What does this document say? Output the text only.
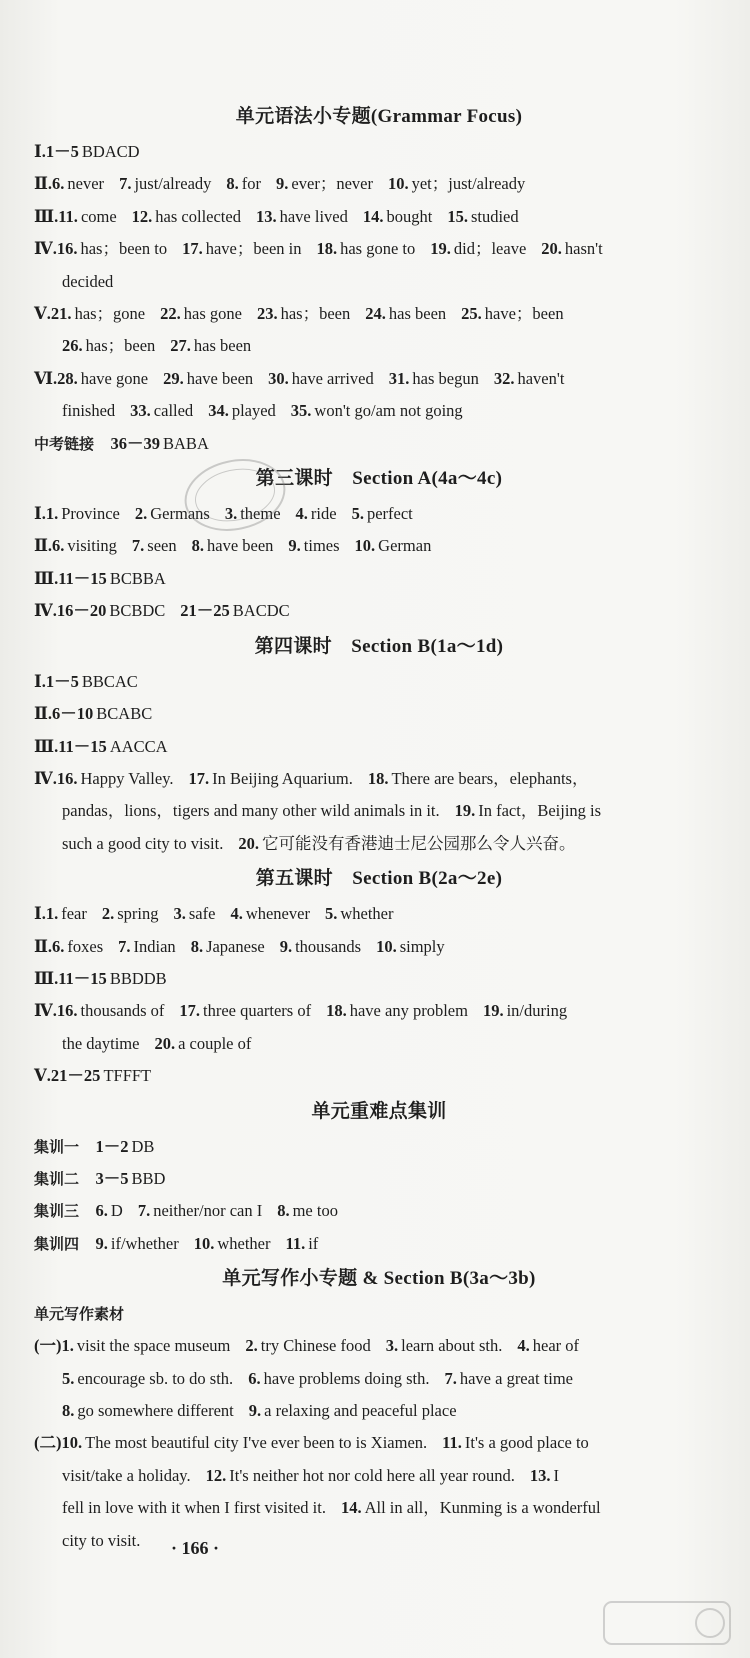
单元语法小专题(Grammar Focus)
Ⅰ.1－5 BDACD
Ⅱ.6. never 7. just/already 8. for 9. ever；never 10. yet；just/already
Ⅲ.11. come 12. has collected 13. have lived 14. bought 15. studied
Ⅳ.16. has；been to 17. have；been in 18. has gone to 19. did；leave 20. hasn't
decided
Ⅴ.21. has；gone 22. has gone 23. has；been 24. has been 25. have；been
26. has；been 27. has been
Ⅵ.28. have gone 29. have been 30. have arrived 31. has begun 32. haven't
finished 33. called 34. played 35. won't go/am not going
中考链接　 36－39 BABA
第三课时　Section A(4a～4c)
Ⅰ.1. Province 2. Germans 3. theme 4. ride 5. perfect
Ⅱ.6. visiting 7. seen 8. have been 9. times 10. German
Ⅲ.11－15 BCBBA
Ⅳ.16－20 BCBDC 21－25 BACDC
第四课时　Section B(1a～1d)
Ⅰ.1－5 BBCAC
Ⅱ.6－10 BCABC
Ⅲ.11－15 AACCA
Ⅳ.16. Happy Valley. 17. In Beijing Aquarium. 18. There are bears，elephants，
pandas，lions，tigers and many other wild animals in it. 19. In fact，Beijing is
such a good city to visit. 20. 它可能没有香港迪士尼公园那么令人兴奋。
第五课时　Section B(2a～2e)
Ⅰ.1. fear 2. spring 3. safe 4. whenever 5. whether
Ⅱ.6. foxes 7. Indian 8. Japanese 9. thousands 10. simply
Ⅲ.11－15 BBDDB
Ⅳ.16. thousands of 17. three quarters of 18. have any problem 19. in/during
the daytime 20. a couple of
Ⅴ.21－25 TFFFT
单元重难点集训
集训一　 1－2 DB
集训二　 3－5 BBD
集训三　 6. D 7. neither/nor can I 8. me too
集训四　 9. if/whether 10. whether 11. if
单元写作小专题 & Section B(3a～3b)
单元写作素材
(一)1. visit the space museum 2. try Chinese food 3. learn about sth. 4. hear of
5. encourage sb. to do sth. 6. have problems doing sth. 7. have a great time
8. go somewhere different 9. a relaxing and peaceful place
(二)10. The most beautiful city I've ever been to is Xiamen. 11. It's a good place to
visit/take a holiday. 12. It's neither hot nor cold here all year round. 13. I
fell in love with it when I first visited it. 14. All in all，Kunming is a wonderful
city to visit.	· 166 ·
